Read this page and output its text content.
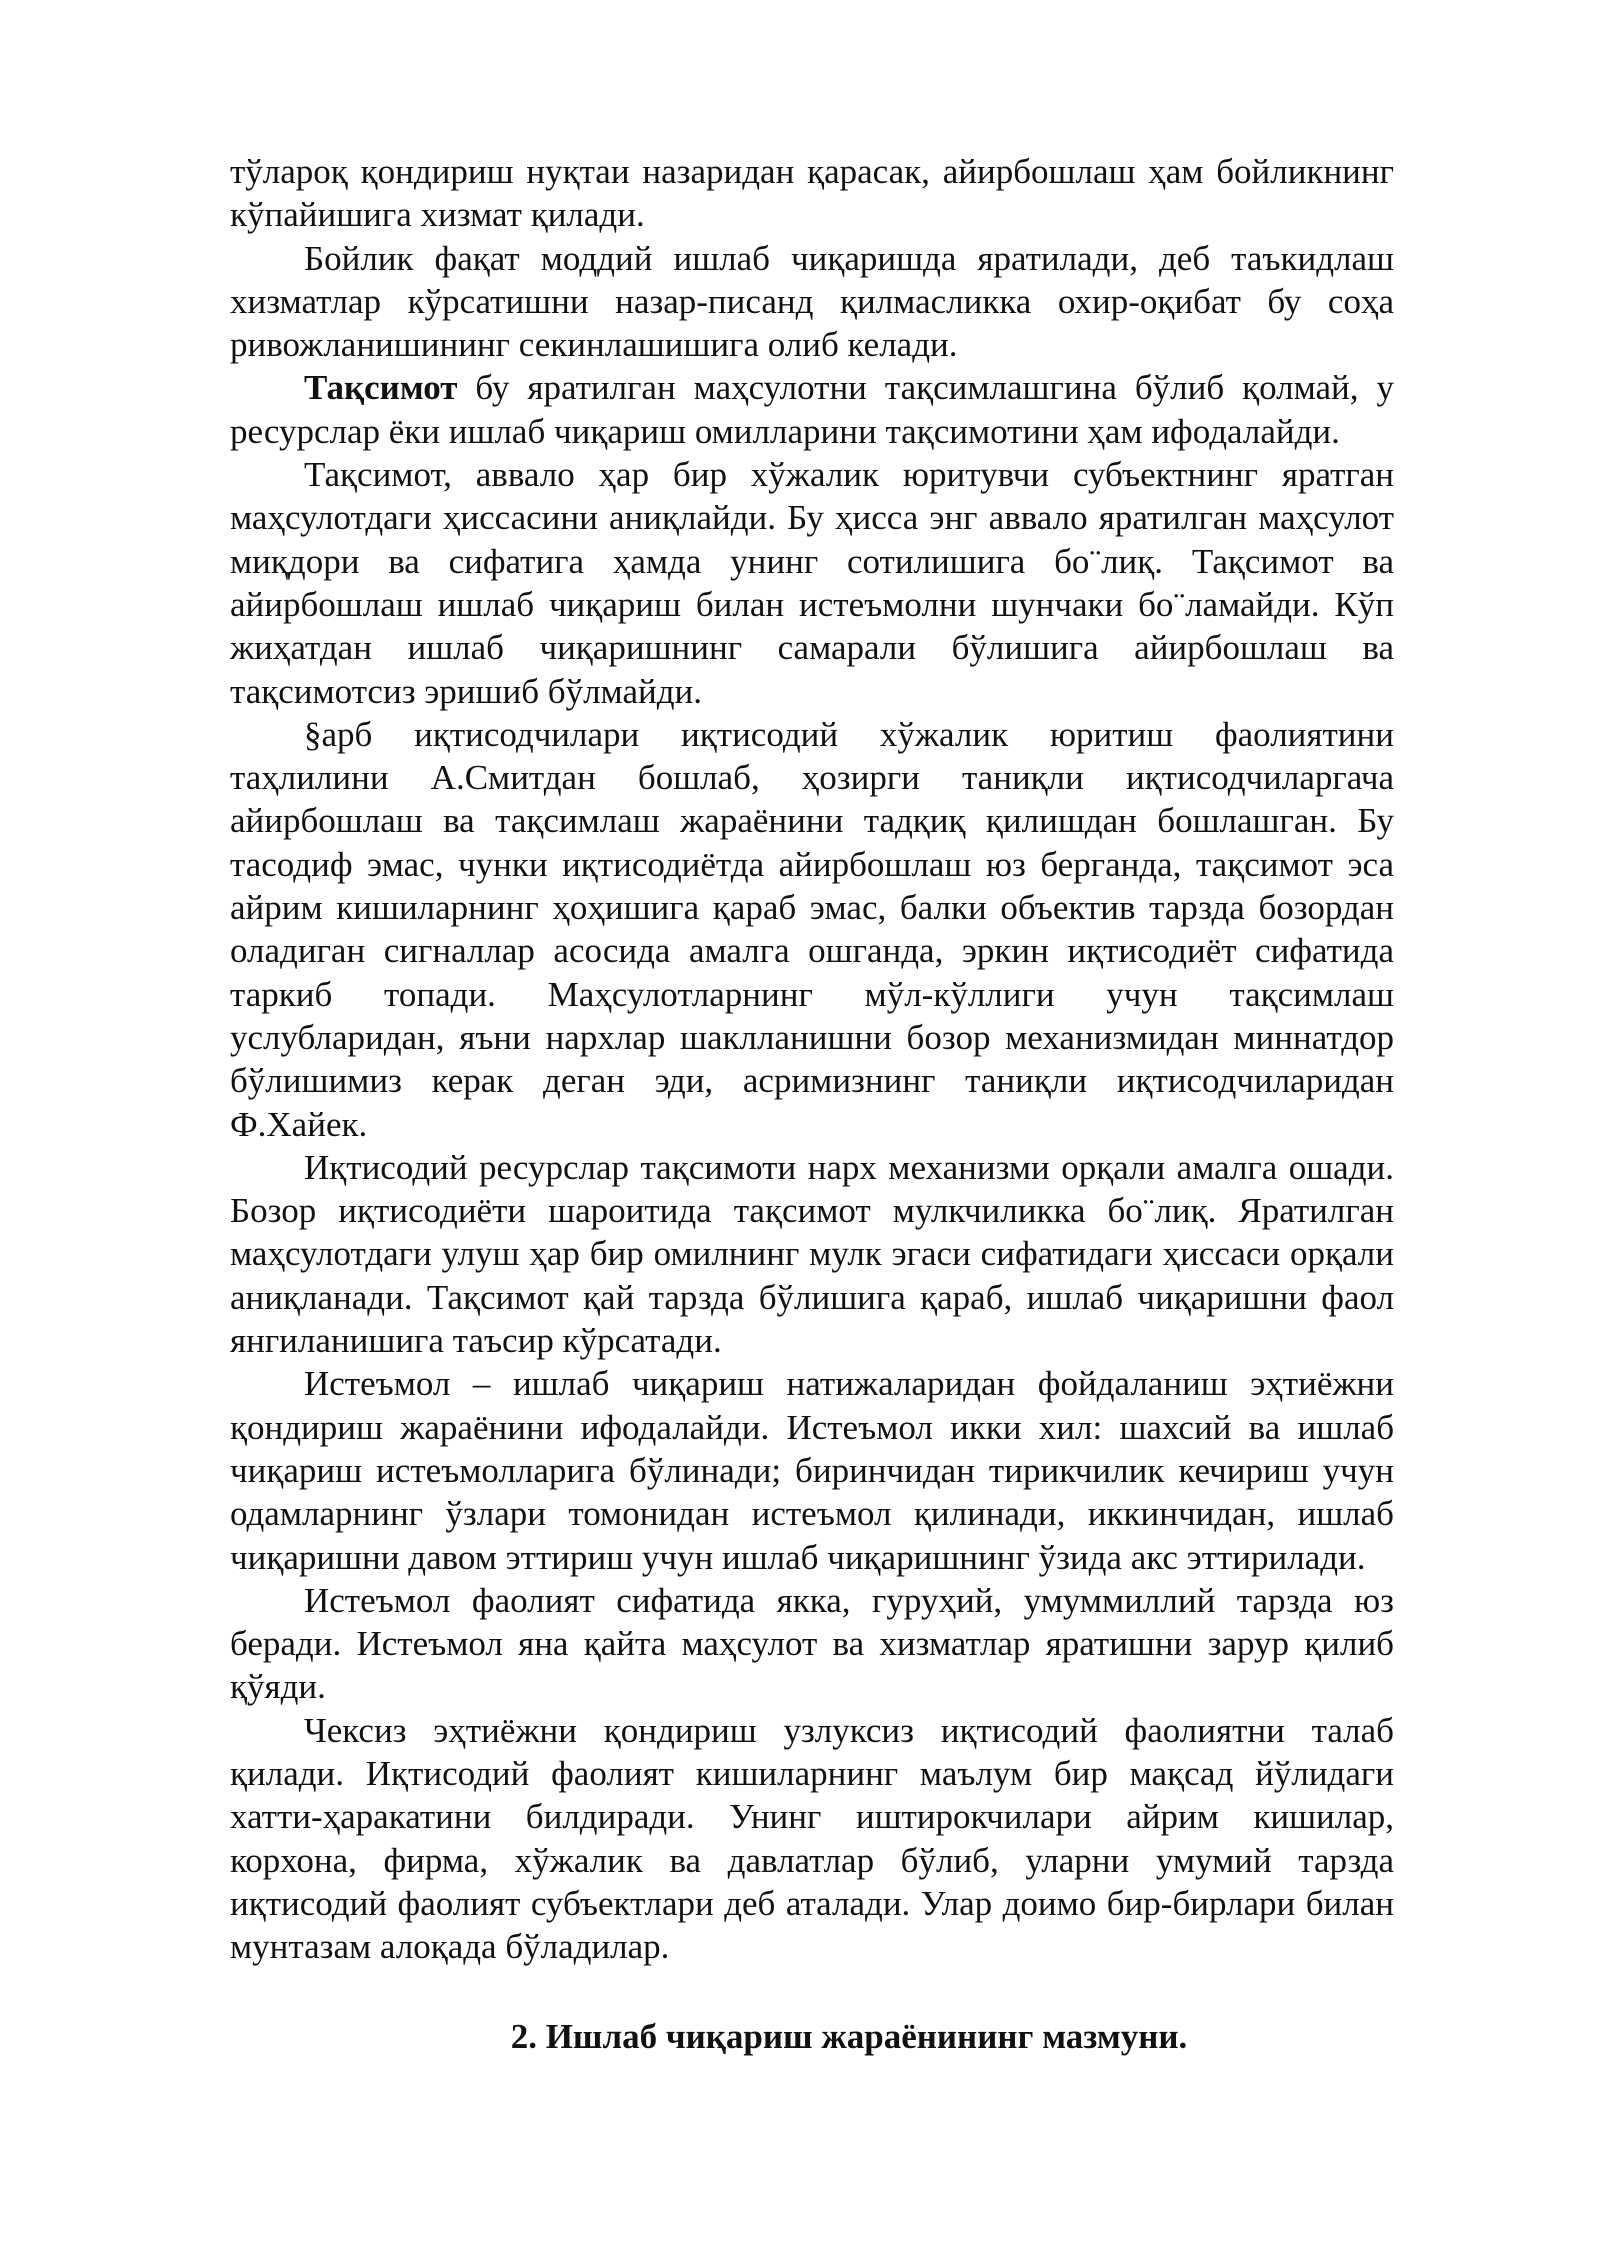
тўлароқ қондириш нуқтаи назаридан қарасак, айирбошлаш ҳам бойликнинг кўпайишига хизмат қилади.

Бойлик фақат моддий ишлаб чиқаришда яратилади, деб таъкидлаш хизматлар кўрсатишни назар-писанд қилмасликка охир-оқибат бу соҳа ривожланишининг секинлашишига олиб келади.

Тақсимот бу яратилган маҳсулотни тақсимлашгина бўлиб қолмай, у ресурслар ёки ишлаб чиқариш омилларини тақсимотини ҳам ифодалайди.

Тақсимот, аввало ҳар бир хўжалик юритувчи субъектнинг яратган маҳсулотдаги ҳиссасини аниқлайди. Бу ҳисса энг аввало яратилган маҳсулот миқдори ва сифатига ҳамда унинг сотилишига бо¨лиқ. Тақсимот ва айирбошлаш ишлаб чиқариш билан истеъмолни шунчаки бо¨ламайди. Кўп жиҳатдан ишлаб чиқаришнинг самарали бўлишига айирбошлаш ва тақсимотсиз эришиб бўлмайди.

§арб иқтисодчилари иқтисодий хўжалик юритиш фаолиятини таҳлилини А.Смитдан бошлаб, ҳозирги таниқли иқтисодчиларгача айирбошлаш ва тақсимлаш жараёнини тадқиқ қилишдан бошлашган. Бу тасодиф эмас, чунки иқтисодиётда айирбошлаш юз берганда, тақсимот эса айрим кишиларнинг ҳоҳишига қараб эмас, балки объектив тарзда бозордан оладиган сигналлар асосида амалга ошганда, эркин иқтисодиёт сифатида таркиб топади. Маҳсулотларнинг мўл-кўллиги учун тақсимлаш услубларидан, яъни нархлар шаклланишни бозор механизмидан миннатдор бўлишимиз керак деган эди, асримизнинг таниқли иқтисодчиларидан Ф.Хайек.

Иқтисодий ресурслар тақсимоти нарх механизми орқали амалга ошади. Бозор иқтисодиёти шароитида тақсимот мулкчиликка бо¨лиқ. Яратилган маҳсулотдаги улуш ҳар бир омилнинг мулк эгаси сифатидаги ҳиссаси орқали аниқланади. Тақсимот қай тарзда бўлишига қараб, ишлаб чиқаришни фаол янгиланишига таъсир кўрсатади.

Истеъмол – ишлаб чиқариш натижаларидан фойдаланиш эҳтиёжни қондириш жараёнини ифодалайди. Истеъмол икки хил: шахсий ва ишлаб чиқариш истеъмолларига бўлинади; биринчидан тирикчилик кечириш учун одамларнинг ўзлари томонидан истеъмол қилинади, иккинчидан, ишлаб чиқаришни давом эттириш учун ишлаб чиқаришнинг ўзида акс эттирилади.

Истеъмол фаолият сифатида якка, гуруҳий, умуммиллий тарзда юз беради. Истеъмол яна қайта маҳсулот ва хизматлар яратишни зарур қилиб қўяди.

Чексиз эҳтиёжни қондириш узлуксиз иқтисодий фаолиятни талаб қилади. Иқтисодий фаолият кишиларнинг маълум бир мақсад йўлидаги хатти-ҳаракатини билдиради. Унинг иштирокчилари айрим кишилар, корхона, фирма, хўжалик ва давлатлар бўлиб, уларни умумий тарзда иқтисодий фаолият субъектлари деб аталади. Улар доимо бир-бирлари билан мунтазам алоқада бўладилар.

2. Ишлаб чиқариш жараёнининг мазмуни.
